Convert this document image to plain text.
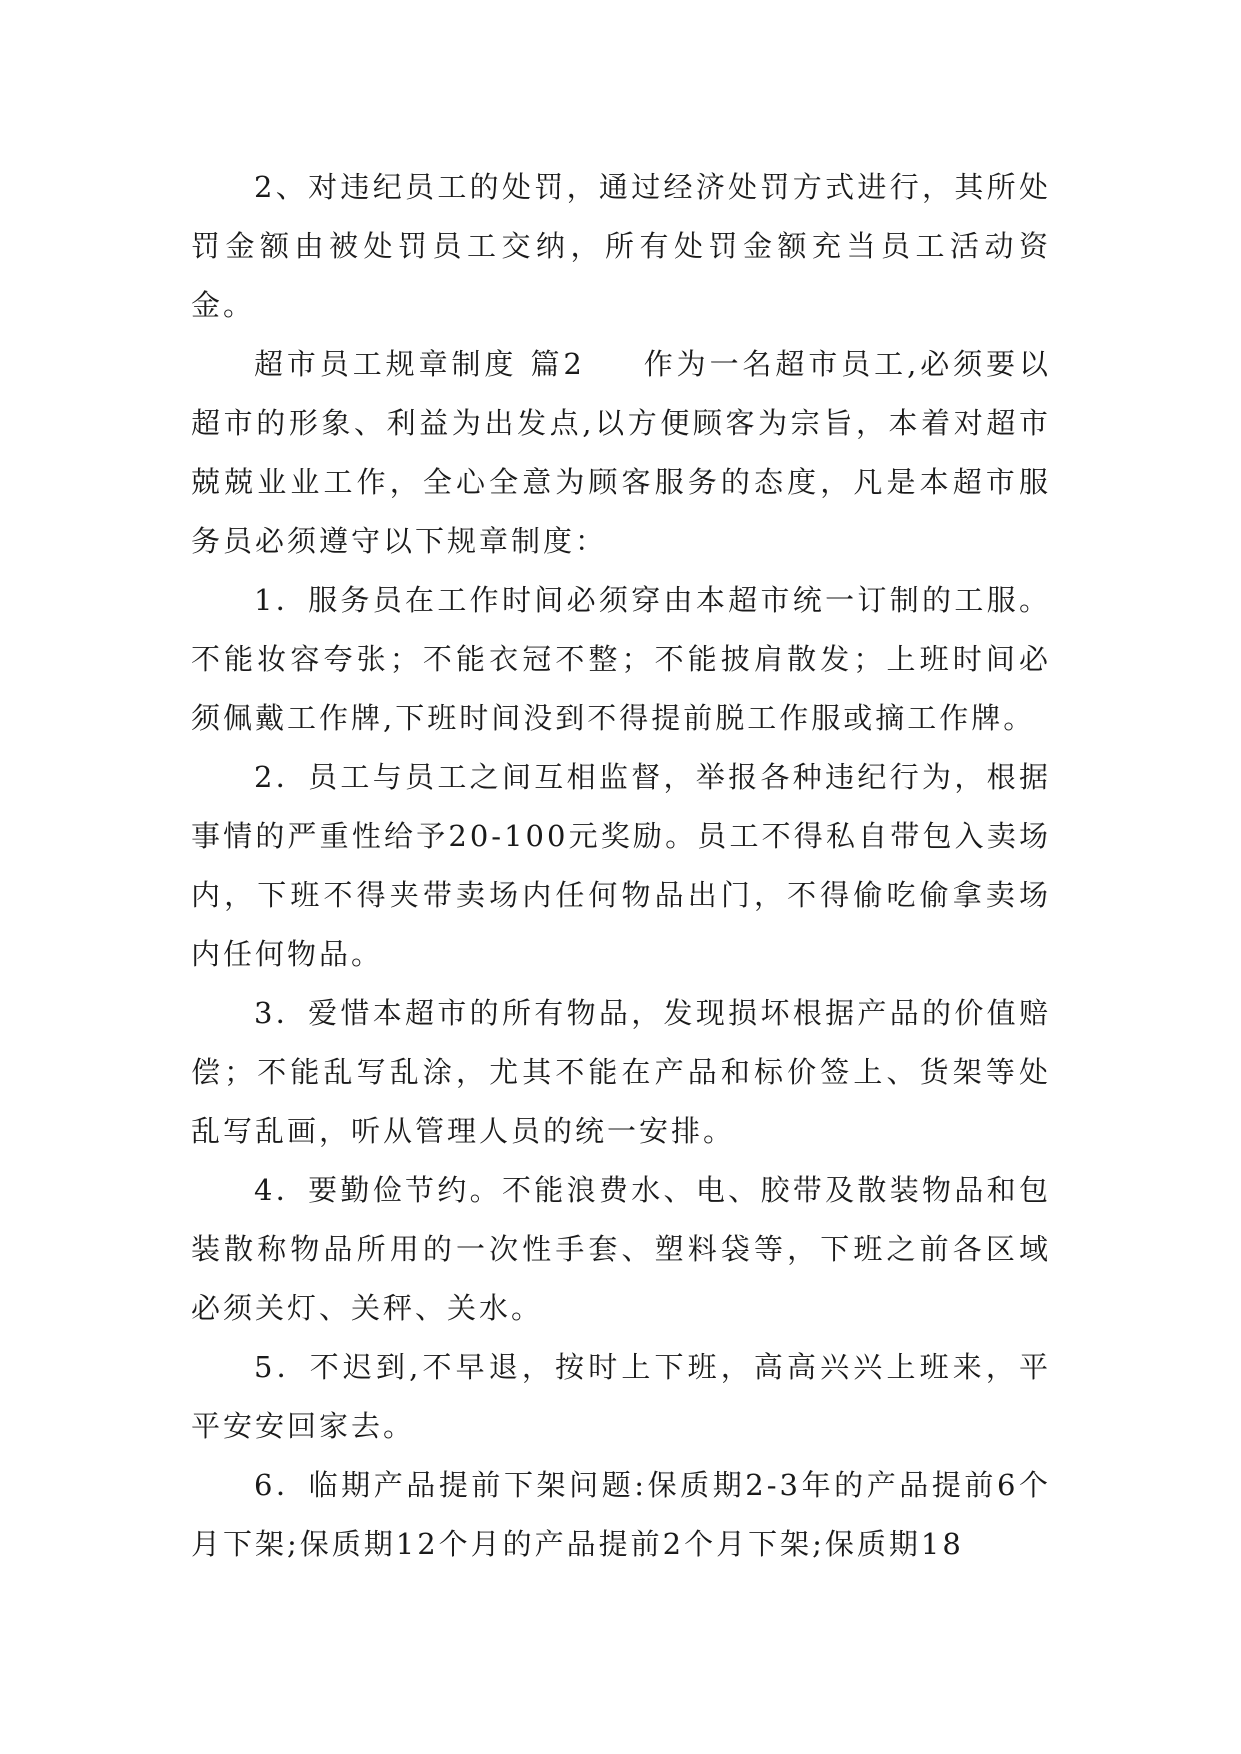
2、对违纪员工的处罚，通过经济处罚方式进行，其所处罚金额由被处罚员工交纳，所有处罚金额充当员工活动资金。

超市员工规章制度 篇2 作为一名超市员工,必须要以超市的形象、利益为出发点,以方便顾客为宗旨，本着对超市兢兢业业工作，全心全意为顾客服务的态度，凡是本超市服务员必须遵守以下规章制度：

1．服务员在工作时间必须穿由本超市统一订制的工服。不能妆容夸张；不能衣冠不整；不能披肩散发；上班时间必须佩戴工作牌,下班时间没到不得提前脱工作服或摘工作牌。

2．员工与员工之间互相监督，举报各种违纪行为，根据事情的严重性给予20-100元奖励。员工不得私自带包入卖场内，下班不得夹带卖场内任何物品出门，不得偷吃偷拿卖场内任何物品。

3．爱惜本超市的所有物品，发现损坏根据产品的价值赔偿；不能乱写乱涂，尤其不能在产品和标价签上、货架等处乱写乱画，听从管理人员的统一安排。

4．要勤俭节约。不能浪费水、电、胶带及散装物品和包装散称物品所用的一次性手套、塑料袋等，下班之前各区域必须关灯、关秤、关水。

5．不迟到,不早退，按时上下班，高高兴兴上班来，平平安安回家去。

6．临期产品提前下架问题:保质期2-3年的产品提前6个月下架;保质期12个月的产品提前2个月下架;保质期18
